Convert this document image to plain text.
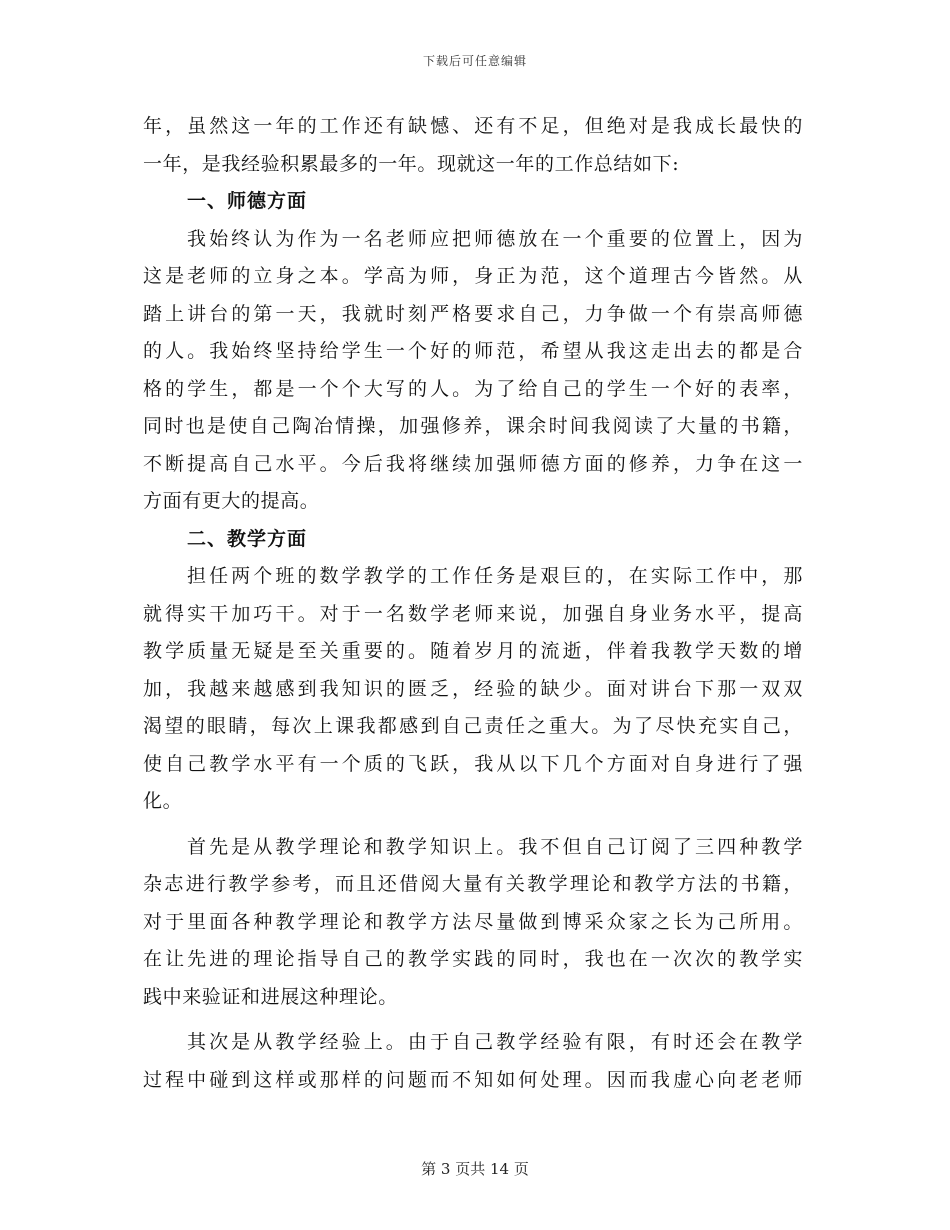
下载后可任意编辑
年，虽然这一年的工作还有缺憾、还有不足，但绝对是我成长最快的
一年，是我经验积累最多的一年。现就这一年的工作总结如下:
一、师德方面
我始终认为作为一名老师应把师德放在一个重要的位置上，因为
这是老师的立身之本。学高为师，身正为范，这个道理古今皆然。从
踏上讲台的第一天，我就时刻严格要求自己，力争做一个有崇高师德
的人。我始终坚持给学生一个好的师范，希望从我这走出去的都是合
格的学生，都是一个个大写的人。为了给自己的学生一个好的表率，
同时也是使自己陶冶情操，加强修养，课余时间我阅读了大量的书籍，
不断提高自己水平。今后我将继续加强师德方面的修养，力争在这一
方面有更大的提高。
二、教学方面
担任两个班的数学教学的工作任务是艰巨的，在实际工作中，那
就得实干加巧干。对于一名数学老师来说，加强自身业务水平，提高
教学质量无疑是至关重要的。随着岁月的流逝，伴着我教学天数的增
加，我越来越感到我知识的匮乏，经验的缺少。面对讲台下那一双双
渴望的眼睛，每次上课我都感到自己责任之重大。为了尽快充实自己，
使自己教学水平有一个质的飞跃，我从以下几个方面对自身进行了强
化。
首先是从教学理论和教学知识上。我不但自己订阅了三四种教学
杂志进行教学参考，而且还借阅大量有关教学理论和教学方法的书籍，
对于里面各种教学理论和教学方法尽量做到博采众家之长为己所用。
在让先进的理论指导自己的教学实践的同时，我也在一次次的教学实
践中来验证和进展这种理论。
其次是从教学经验上。由于自己教学经验有限，有时还会在教学
过程中碰到这样或那样的问题而不知如何处理。因而我虚心向老老师
第 3 页共 14 页
